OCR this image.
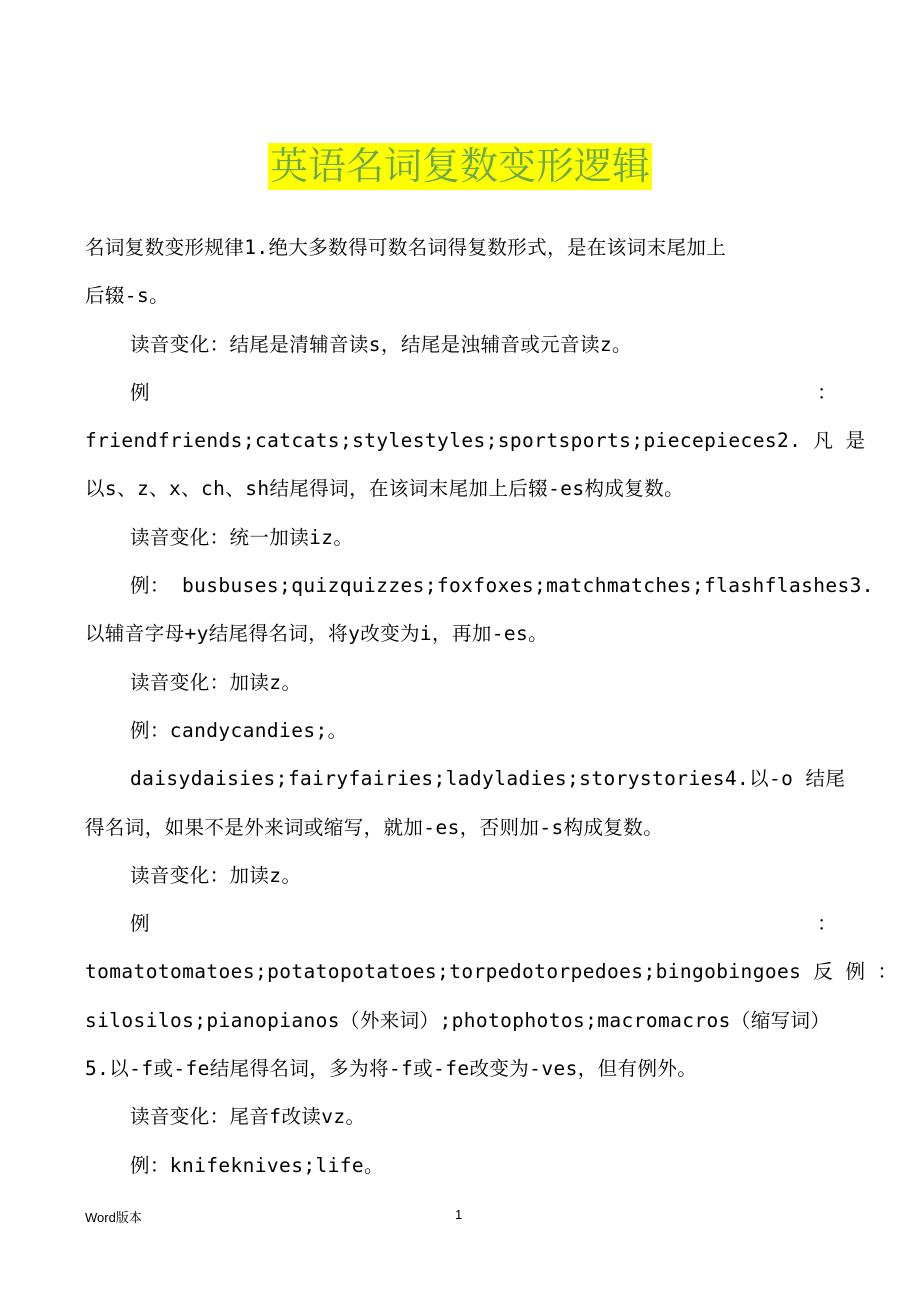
英语名词复数变形逻辑
名词复数变形规律1.绝大多数得可数名词得复数形式，是在该词末尾加上
后辍-s。
读音变化：结尾是清辅音读s，结尾是浊辅音或元音读z。
例	：
friendfriends;catcats;stylestyles;sportsports;piecepieces2. 凡 是
以s、z、x、ch、sh结尾得词，在该词末尾加上后辍-es构成复数。
读音变化：统一加读iz。
例： busbuses;quizquizzes;foxfoxes;matchmatches;flashflashes3.
以辅音字母+y结尾得名词，将y改变为i，再加-es。
读音变化：加读z。
例：candycandies;。
daisydaisies;fairyfairies;ladyladies;storystories4.以-o 结尾
得名词，如果不是外来词或缩写，就加-es，否则加-s构成复数。
读音变化：加读z。
例	：
tomatotomatoes;potatopotatoes;torpedotorpedoes;bingobingoes 反 例 ：
silosilos;pianopianos（外来词）;photophotos;macromacros（缩写词）
5.以-f或-fe结尾得名词，多为将-f或-fe改变为-ves，但有例外。
读音变化：尾音f改读vz。
例：knifeknives;life。
Word版本	1
